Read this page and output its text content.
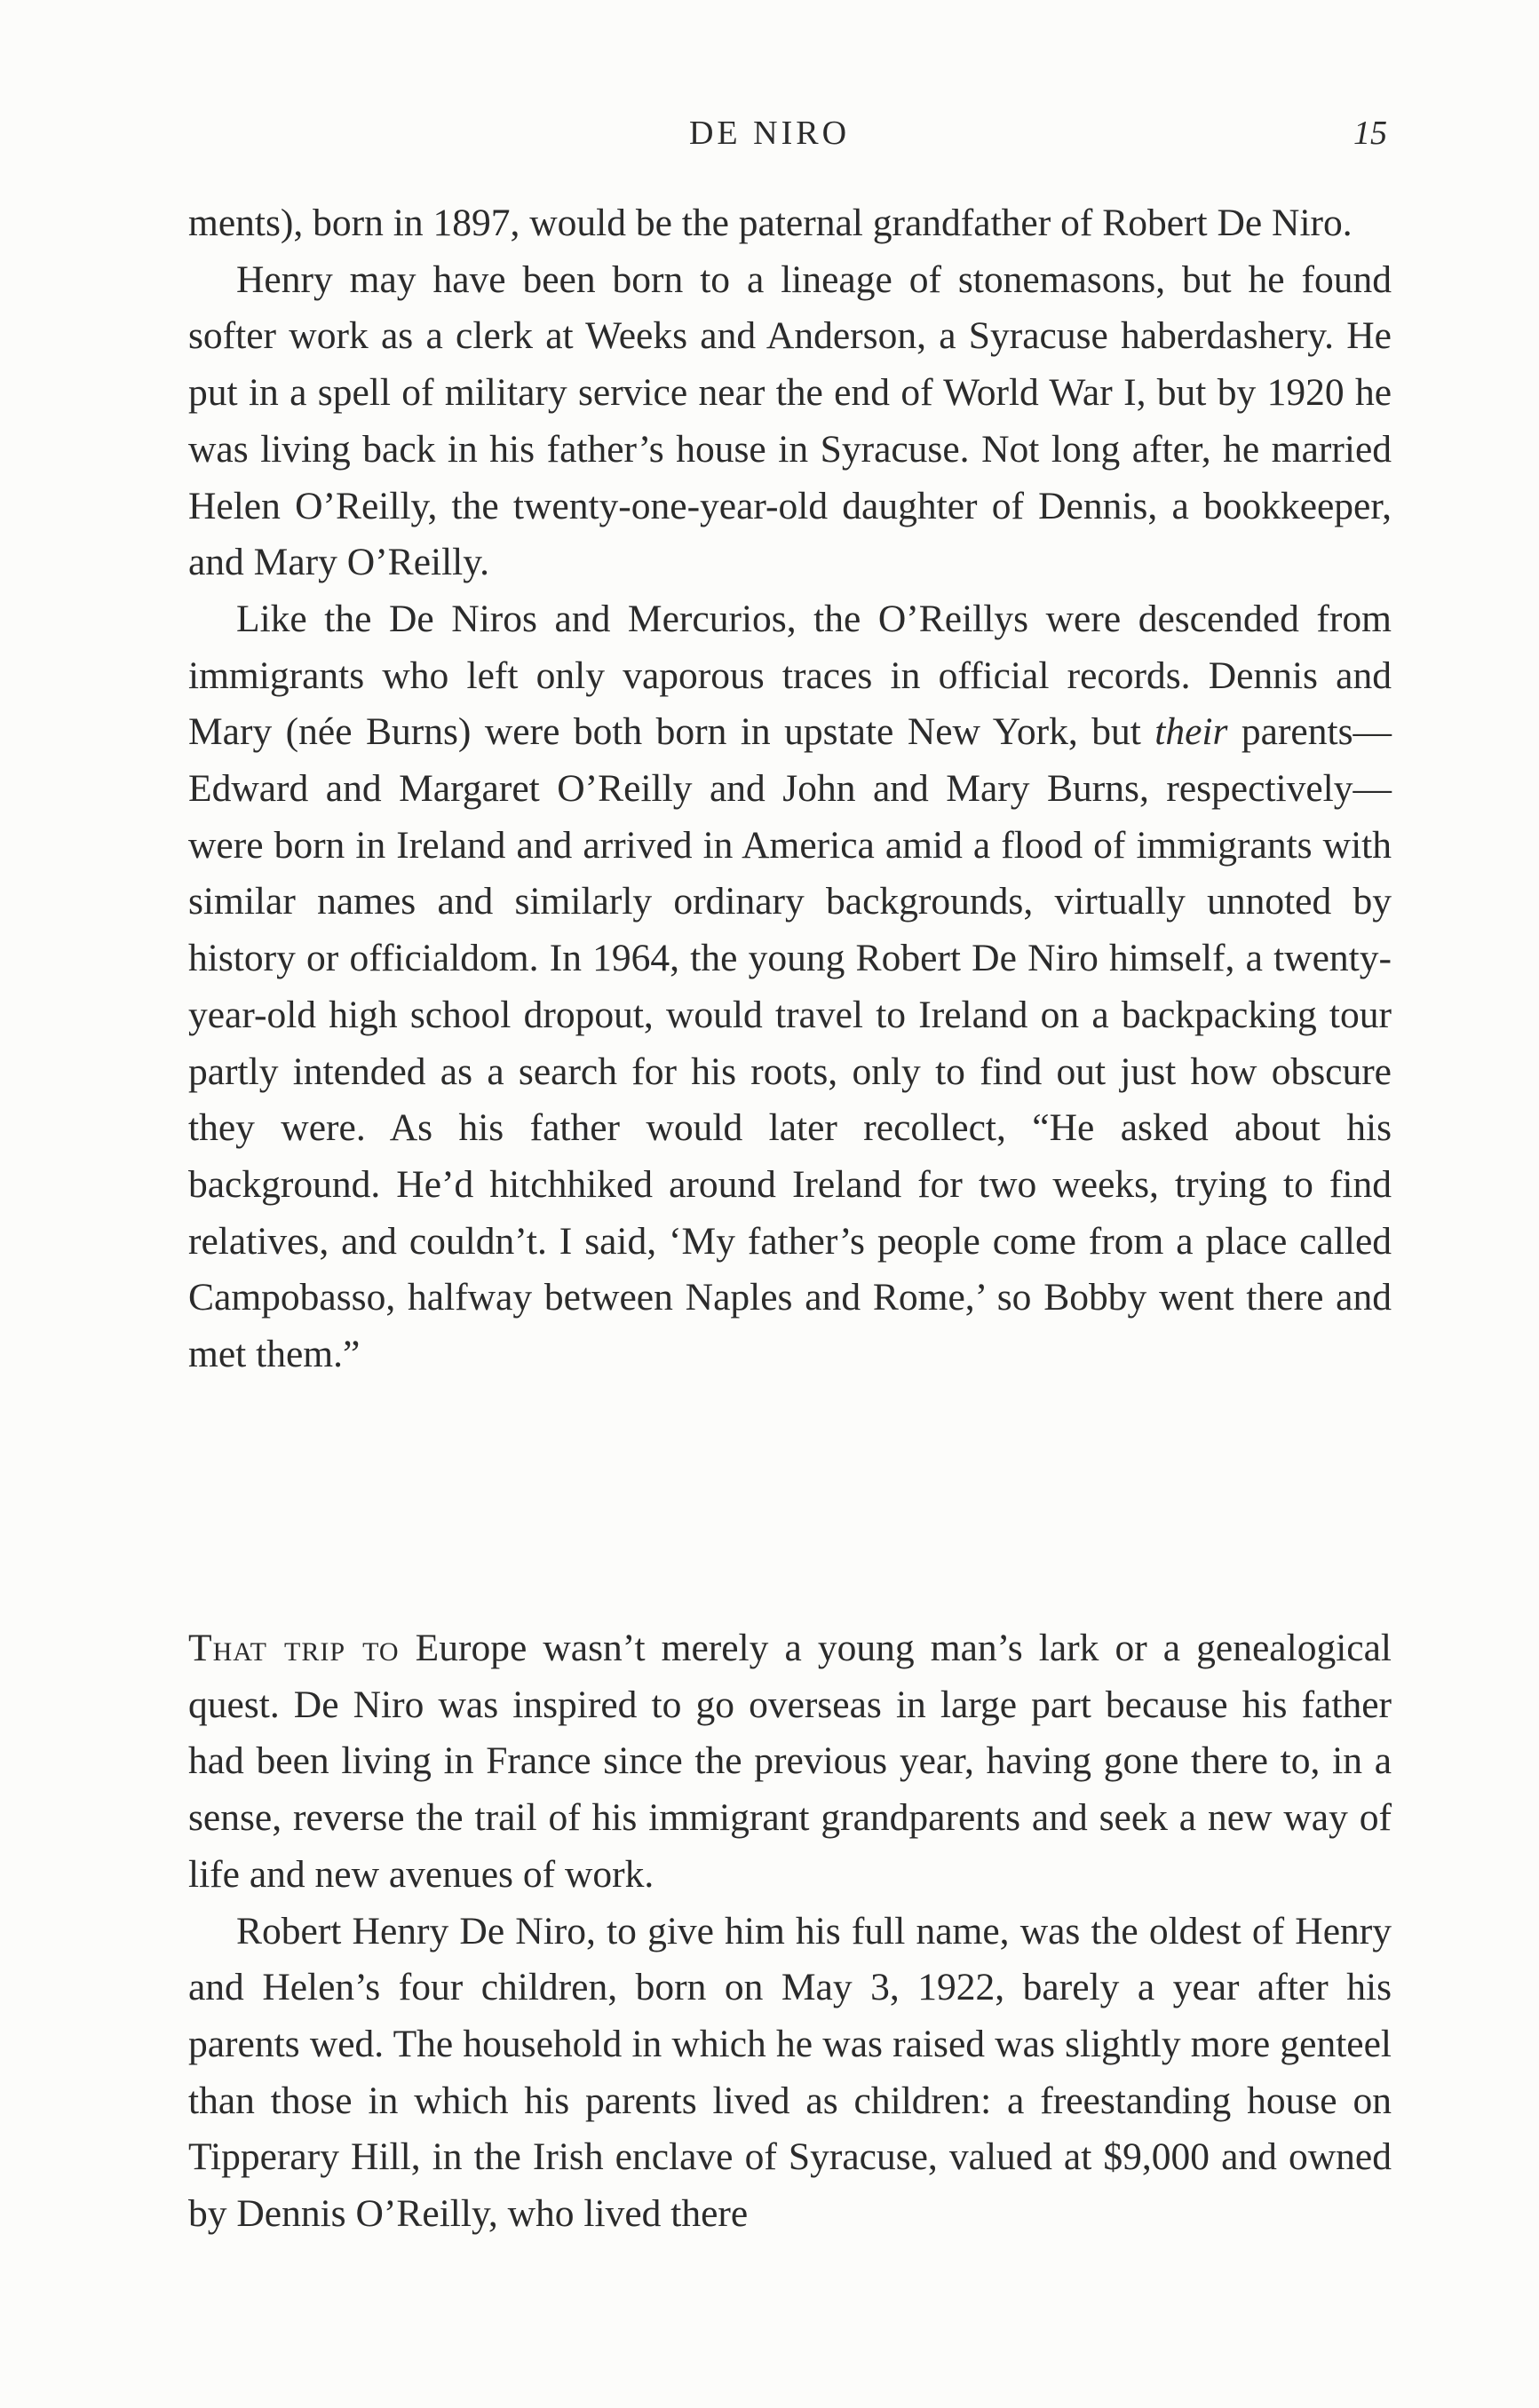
DE NIRO	15

ments), born in 1897, would be the paternal grandfather of Robert De Niro.

Henry may have been born to a lineage of stonemasons, but he found softer work as a clerk at Weeks and Anderson, a Syracuse haberdashery. He put in a spell of military service near the end of World War I, but by 1920 he was living back in his father’s house in Syracuse. Not long after, he married Helen O’Reilly, the twenty-one-year-old daughter of Dennis, a bookkeeper, and Mary O’Reilly.

Like the De Niros and Mercurios, the O’Reillys were descended from immigrants who left only vaporous traces in official records. Dennis and Mary (née Burns) were both born in upstate New York, but their parents—Edward and Margaret O’Reilly and John and Mary Burns, respectively—were born in Ireland and arrived in America amid a flood of immigrants with similar names and similarly ordinary backgrounds, virtually unnoted by history or officialdom. In 1964, the young Robert De Niro himself, a twenty-year-old high school dropout, would travel to Ireland on a backpacking tour partly intended as a search for his roots, only to find out just how obscure they were. As his father would later recollect, “He asked about his background. He’d hitchhiked around Ireland for two weeks, trying to find relatives, and couldn’t. I said, ‘My father’s people come from a place called Campobasso, halfway between Naples and Rome,’ so Bobby went there and met them.”

That trip to Europe wasn’t merely a young man’s lark or a genealogical quest. De Niro was inspired to go overseas in large part because his father had been living in France since the previous year, having gone there to, in a sense, reverse the trail of his immigrant grandparents and seek a new way of life and new avenues of work.

Robert Henry De Niro, to give him his full name, was the oldest of Henry and Helen’s four children, born on May 3, 1922, barely a year after his parents wed. The household in which he was raised was slightly more genteel than those in which his parents lived as children: a freestanding house on Tipperary Hill, in the Irish enclave of Syracuse, valued at $9,000 and owned by Dennis O’Reilly, who lived there
